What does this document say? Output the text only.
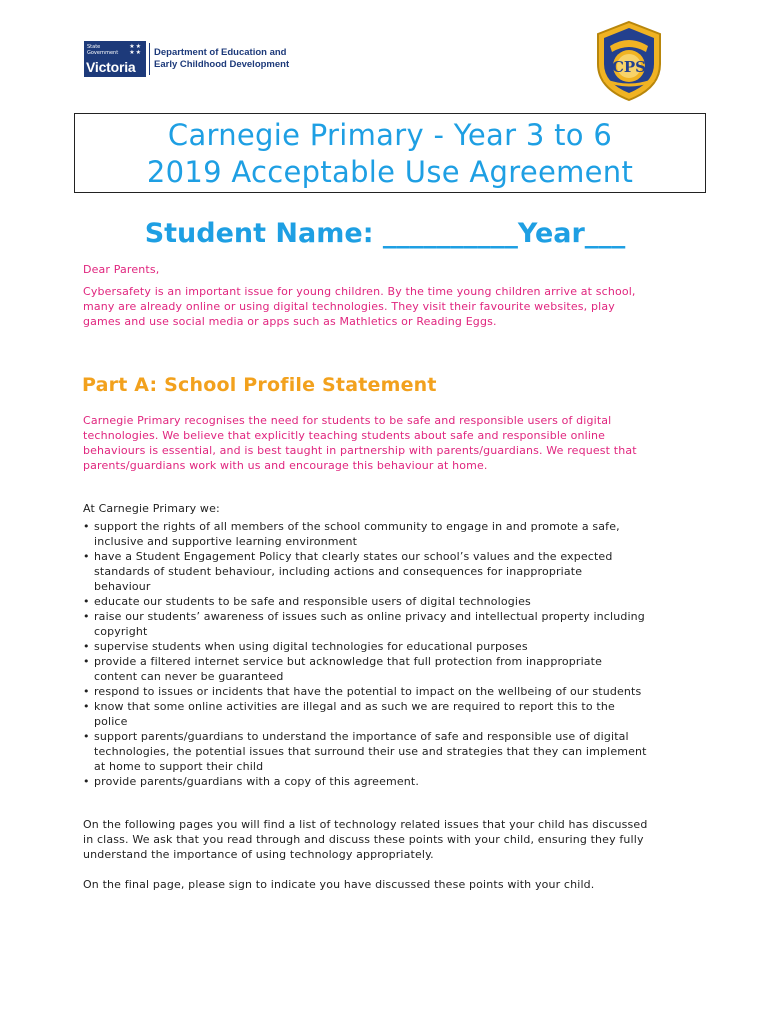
State
Government
★★
★★
Victoria
Department of Education and
Early Childhood Development	CPS
Carnegie Primary - Year 3 to 6
2019 Acceptable Use Agreement
Student Name: __________Year___
Dear Parents,
Cybersafety is an important issue for young children. By the time young children arrive at school,
many are already online or using digital technologies. They visit their favourite websites, play
games and use social media or apps such as Mathletics or Reading Eggs.
Part A: School Profile Statement
Carnegie Primary recognises the need for students to be safe and responsible users of digital
technologies. We believe that explicitly teaching students about safe and responsible online
behaviours is essential, and is best taught in partnership with parents/guardians. We request that
parents/guardians work with us and encourage this behaviour at home.
At Carnegie Primary we:
• support the rights of all members of the school community to engage in and promote a safe,
inclusive and supportive learning environment
• have a Student Engagement Policy that clearly states our school’s values and the expected
standards of student behaviour, including actions and consequences for inappropriate
behaviour
• educate our students to be safe and responsible users of digital technologies
• raise our students’ awareness of issues such as online privacy and intellectual property including
copyright
• supervise students when using digital technologies for educational purposes
• provide a filtered internet service but acknowledge that full protection from inappropriate
content can never be guaranteed
• respond to issues or incidents that have the potential to impact on the wellbeing of our students
• know that some online activities are illegal and as such we are required to report this to the
police
• support parents/guardians to understand the importance of safe and responsible use of digital
technologies, the potential issues that surround their use and strategies that they can implement
at home to support their child
• provide parents/guardians with a copy of this agreement.
On the following pages you will find a list of technology related issues that your child has discussed
in class. We ask that you read through and discuss these points with your child, ensuring they fully
understand the importance of using technology appropriately.
On the final page, please sign to indicate you have discussed these points with your child.
